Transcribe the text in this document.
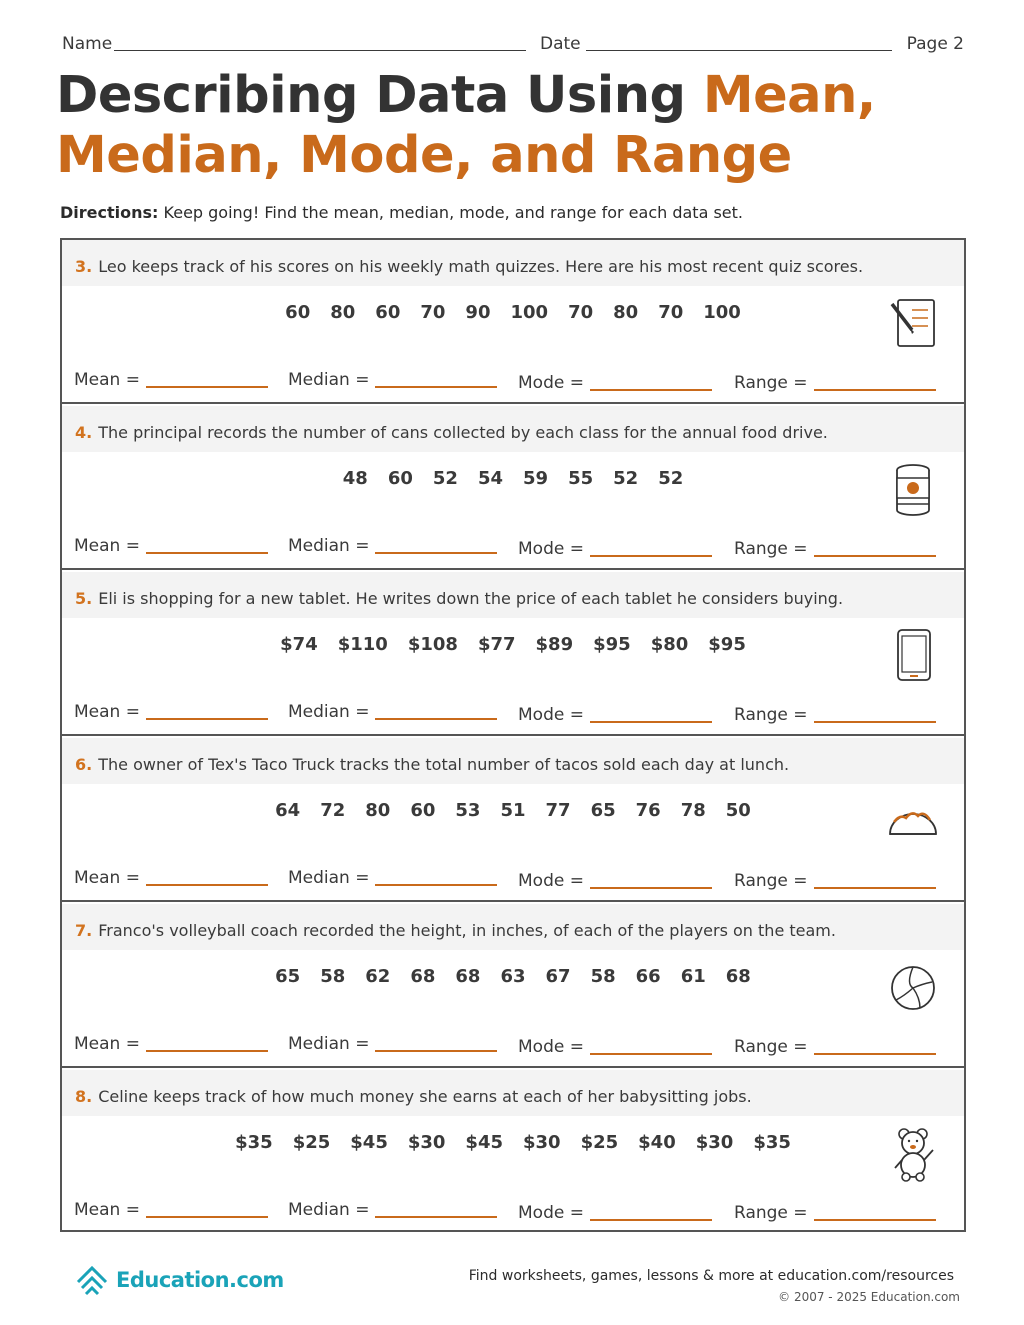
Name	Date	Page 2
Describing Data Using Mean,
Median, Mode, and Range
Directions: Keep going! Find the mean, median, mode, and range for each data set.
3. Leo keeps track of his scores on his weekly math quizzes. Here are his most recent quiz scores.
60 80 60 70 90 100 70 80 70 100
Mean =	Median =	Mode =	Range =
4. The principal records the number of cans collected by each class for the annual food drive.
48 60 52 54 59 55 52 52
Mean =	Median =	Mode =	Range =
5. Eli is shopping for a new tablet. He writes down the price of each tablet he considers buying.
$74 $110 $108 $77 $89 $95 $80 $95
Mean =	Median =	Mode =	Range =
6. The owner of Tex's Taco Truck tracks the total number of tacos sold each day at lunch.
64 72 80 60 53 51 77 65 76 78 50
Mean =	Median =	Mode =	Range =
7. Franco's volleyball coach recorded the height, in inches, of each of the players on the team.
65 58 62 68 68 63 67 58 66 61 68
Mean =	Median =	Mode =	Range =
8. Celine keeps track of how much money she earns at each of her babysitting jobs.
$35 $25 $45 $30 $45 $30 $25 $40 $30 $35
Mean =	Median =	Mode =	Range =
Education.com	Find worksheets, games, lessons & more at education.com/resources
© 2007 - 2025 Education.com
